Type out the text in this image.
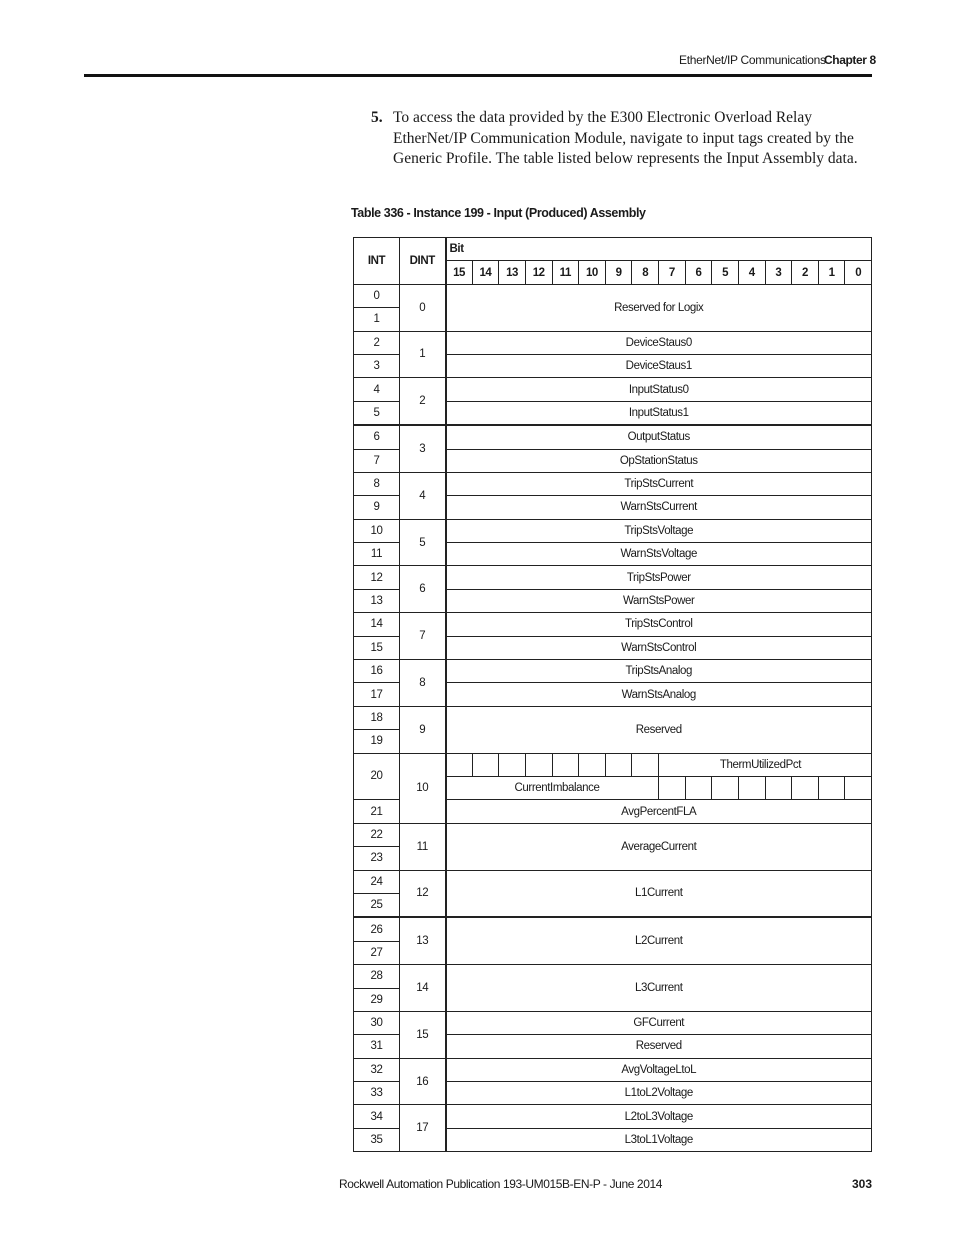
EtherNet/IP Communications
Chapter 8
5. To access the data provided by the E300 Electronic Overload Relay EtherNet/IP Communication Module, navigate to input tags created by the Generic Profile. The table listed below represents the Input Assembly data.
Table 336 - Instance 199 - Input (Produced) Assembly
INT	DINT	Bit															
		15	14	13	12	11	10	9	8	7	6	5	4	3	2	1	0
0	0	Reserved for Logix															
1																	
2	1	DeviceStaus0															
3		DeviceStaus1															
4	2	InputStatus0															
5		InputStatus1															
6	3	OutputStatus															
7		OpStationStatus															
8	4	TripStsCurrent															
9		WarnStsCurrent															
10	5	TripStsVoltage															
11		WarnStsVoltage															
12	6	TripStsPower															
13		WarnStsPower															
14	7	TripStsControl															
15		WarnStsControl															
16	8	TripStsAnalog															
17		WarnStsAnalog															
18	9	Reserved															
19																	
20	10									ThermUtilizedPct							
		CurrentImbalance															
21		AvgPercentFLA															
22	11	AverageCurrent															
23																	
24	12	L1Current															
25																	
26	13	L2Current															
27																	
28	14	L3Current															
29																	
30	15	GFCurrent															
31		Reserved															
32	16	AvgVoltageLtoL															
33		L1toL2Voltage															
34	17	L2toL3Voltage															
35		L3toL1Voltage															
Rockwell Automation Publication 193-UM015B-EN-P - June 2014	303
